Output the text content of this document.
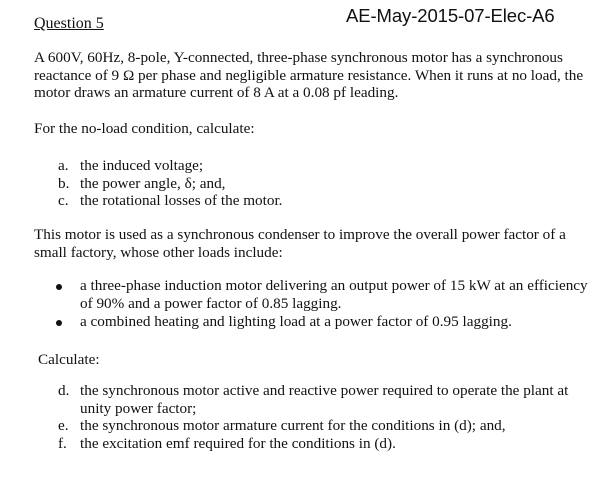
AE-May-2015-07-Elec-A6
Question 5
A 600V, 60Hz, 8-pole, Y-connected, three-phase synchronous motor has a synchronous
reactance of 9 Ω per phase and negligible armature resistance. When it runs at no load, the
motor draws an armature current of 8 A at a 0.08 pf leading.
For the no-load condition, calculate:
a. the induced voltage;
b. the power angle, δ; and,
c. the rotational losses of the motor.
This motor is used as a synchronous condenser to improve the overall power factor of a
small factory, whose other loads include:
a three-phase induction motor delivering an output power of 15 kW at an efficiency
of 90% and a power factor of 0.85 lagging.
a combined heating and lighting load at a power factor of 0.95 lagging.
Calculate:
d. the synchronous motor active and reactive power required to operate the plant at
unity power factor;
e. the synchronous motor armature current for the conditions in (d); and,
f. the excitation emf required for the conditions in (d).
